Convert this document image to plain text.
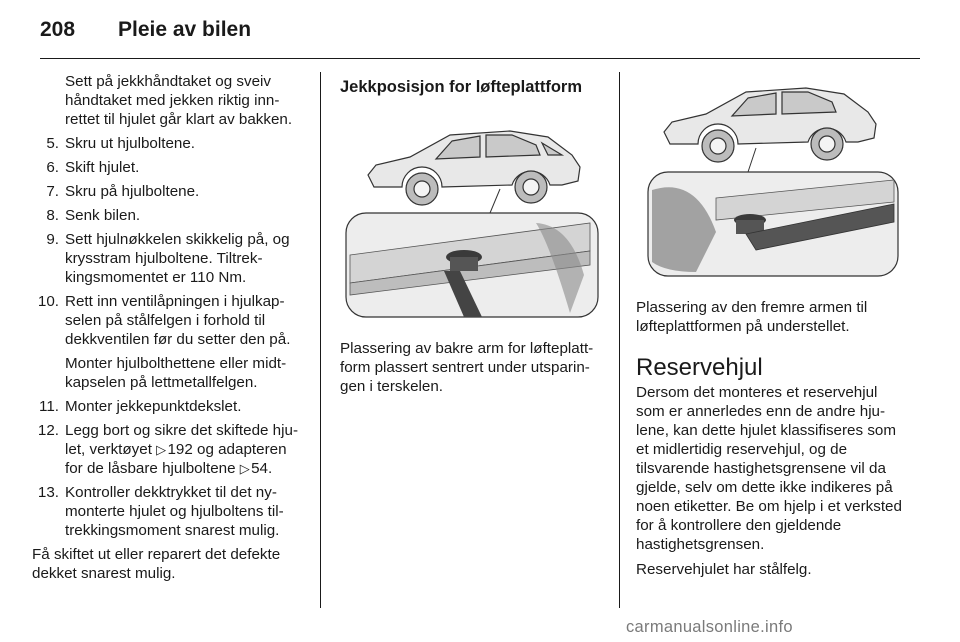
208 Pleie av bilen

Sett på jekkhåndtaket og sveiv håndtaket med jekken riktig innrettet til hjulet går klart av bakken.

5. Skru ut hjulboltene.
6. Skift hjulet.
7. Skru på hjulboltene.
8. Senk bilen.
9. Sett hjulnøkkelen skikkelig på, og krysstram hjulboltene. Tiltrekkingsmomentet er 110 Nm.
10. Rett inn ventilåpningen i hjulkapselen på stålfelgen i forhold til dekkventilen før du setter den på.

Monter hjulbolthettene eller midtkapselen på lettmetallfelgen.

11. Monter jekkepunktdekslet.
12. Legg bort og sikre det skiftede hjulet, verktøyet ▷ 192 og adapteren for de låsbare hjulboltene ▷ 54.
13. Kontroller dekktrykket til det nymonterte hjulet og hjulboltens tiltrekkingsmoment snarest mulig.

Få skiftet ut eller reparert det defekte dekket snarest mulig.

Jekkposisjon for løfteplattform

Plassering av bakre arm for løfteplattform plassert sentrert under utsparingen i terskelen.

Plassering av den fremre armen til løfteplattformen på understellet.

Reservehjul

Dersom det monteres et reservehjul som er annerledes enn de andre hjulene, kan dette hjulet klassifiseres som et midlertidig reservehjul, og de tilsvarende hastighetsgrensene vil da gjelde, selv om dette ikke indikeres på noen etiketter. Be om hjelp i et verksted for å kontrollere den gjeldende hastighetsgrensen.

Reservehjulet har stålfelg.

carmanualsonline.info
